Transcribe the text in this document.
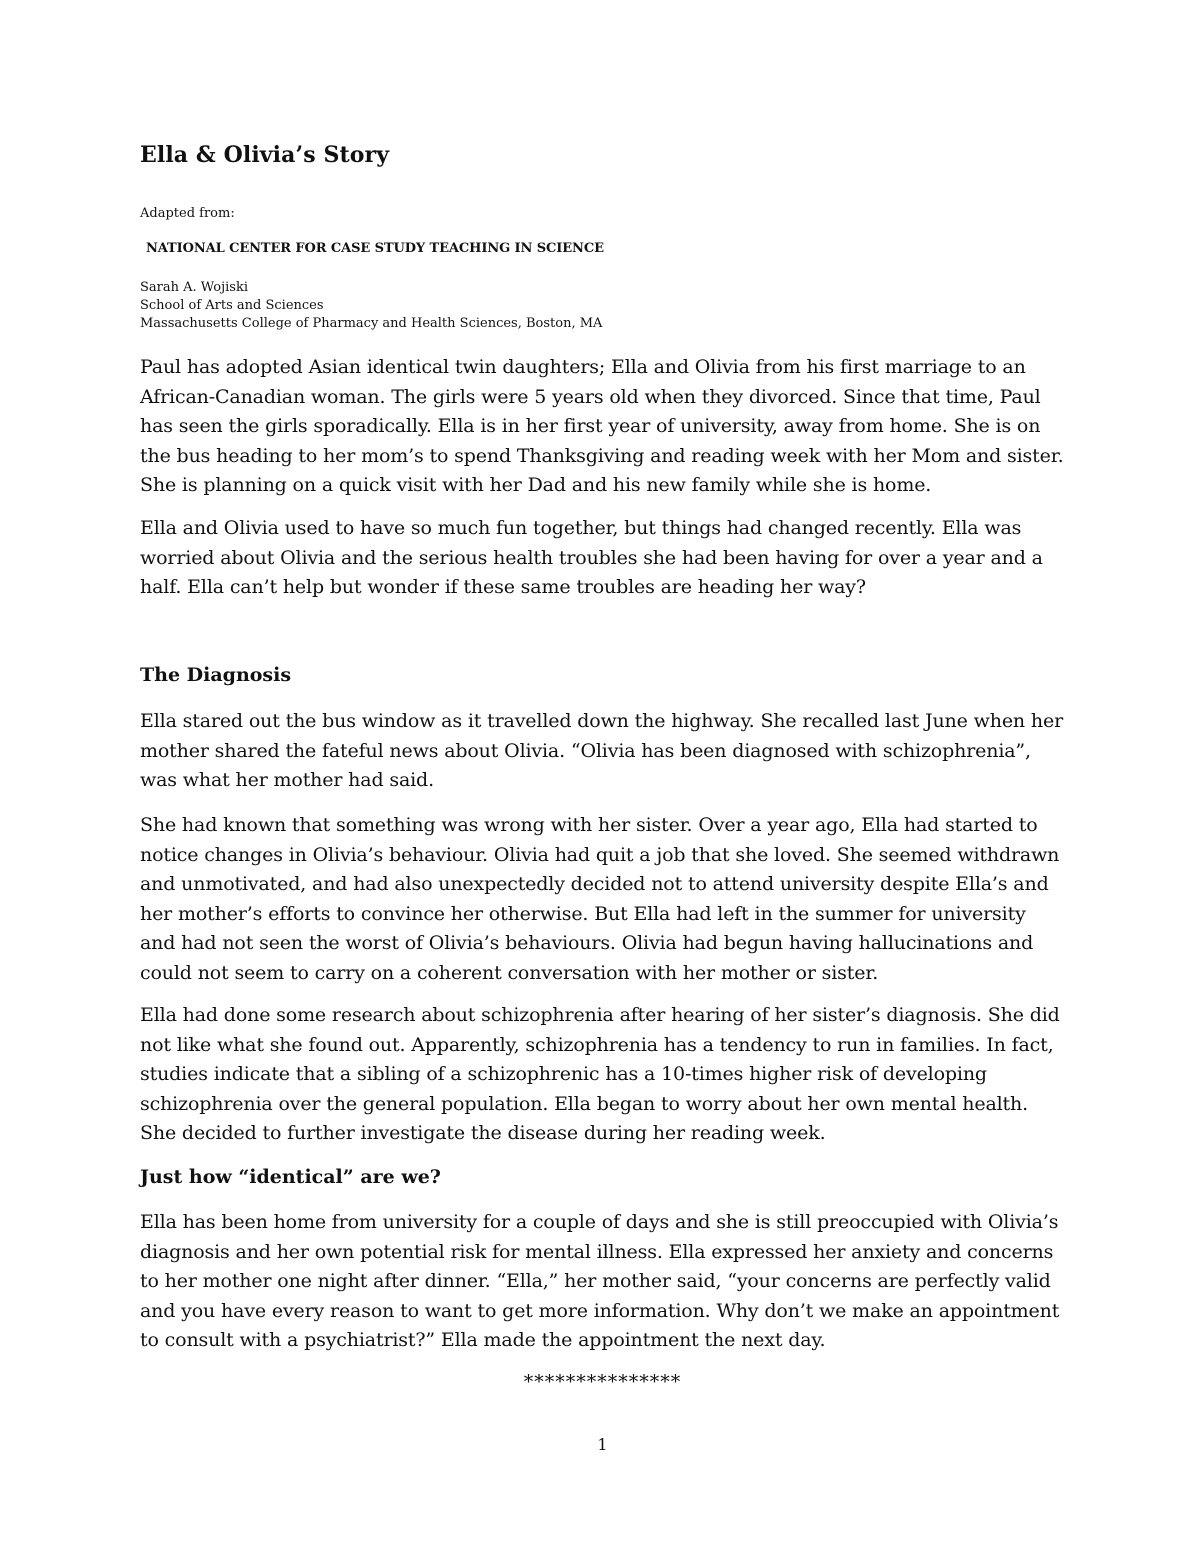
Ella & Olivia’s Story

Adapted from:

NATIONAL CENTER FOR CASE STUDY TEACHING IN SCIENCE

Sarah A. Wojiski
School of Arts and Sciences
Massachusetts College of Pharmacy and Health Sciences, Boston, MA

Paul has adopted Asian identical twin daughters; Ella and Olivia from his first marriage to an African-Canadian woman. The girls were 5 years old when they divorced. Since that time, Paul has seen the girls sporadically. Ella is in her first year of university, away from home. She is on the bus heading to her mom’s to spend Thanksgiving and reading week with her Mom and sister. She is planning on a quick visit with her Dad and his new family while she is home.

Ella and Olivia used to have so much fun together, but things had changed recently. Ella was worried about Olivia and the serious health troubles she had been having for over a year and a half. Ella can’t help but wonder if these same troubles are heading her way?

The Diagnosis

Ella stared out the bus window as it travelled down the highway. She recalled last June when her mother shared the fateful news about Olivia. “Olivia has been diagnosed with schizophrenia”, was what her mother had said.

She had known that something was wrong with her sister. Over a year ago, Ella had started to notice changes in Olivia’s behaviour. Olivia had quit a job that she loved. She seemed withdrawn and unmotivated, and had also unexpectedly decided not to attend university despite Ella’s and her mother’s efforts to convince her otherwise. But Ella had left in the summer for university and had not seen the worst of Olivia’s behaviours. Olivia had begun having hallucinations and could not seem to carry on a coherent conversation with her mother or sister.

Ella had done some research about schizophrenia after hearing of her sister’s diagnosis. She did not like what she found out. Apparently, schizophrenia has a tendency to run in families. In fact, studies indicate that a sibling of a schizophrenic has a 10-times higher risk of developing schizophrenia over the general population. Ella began to worry about her own mental health. She decided to further investigate the disease during her reading week.

Just how “identical” are we?

Ella has been home from university for a couple of days and she is still preoccupied with Olivia’s diagnosis and her own potential risk for mental illness. Ella expressed her anxiety and concerns to her mother one night after dinner. “Ella,” her mother said, “your concerns are perfectly valid and you have every reason to want to get more information. Why don’t we make an appointment to consult with a psychiatrist?” Ella made the appointment the next day.

***************

1
